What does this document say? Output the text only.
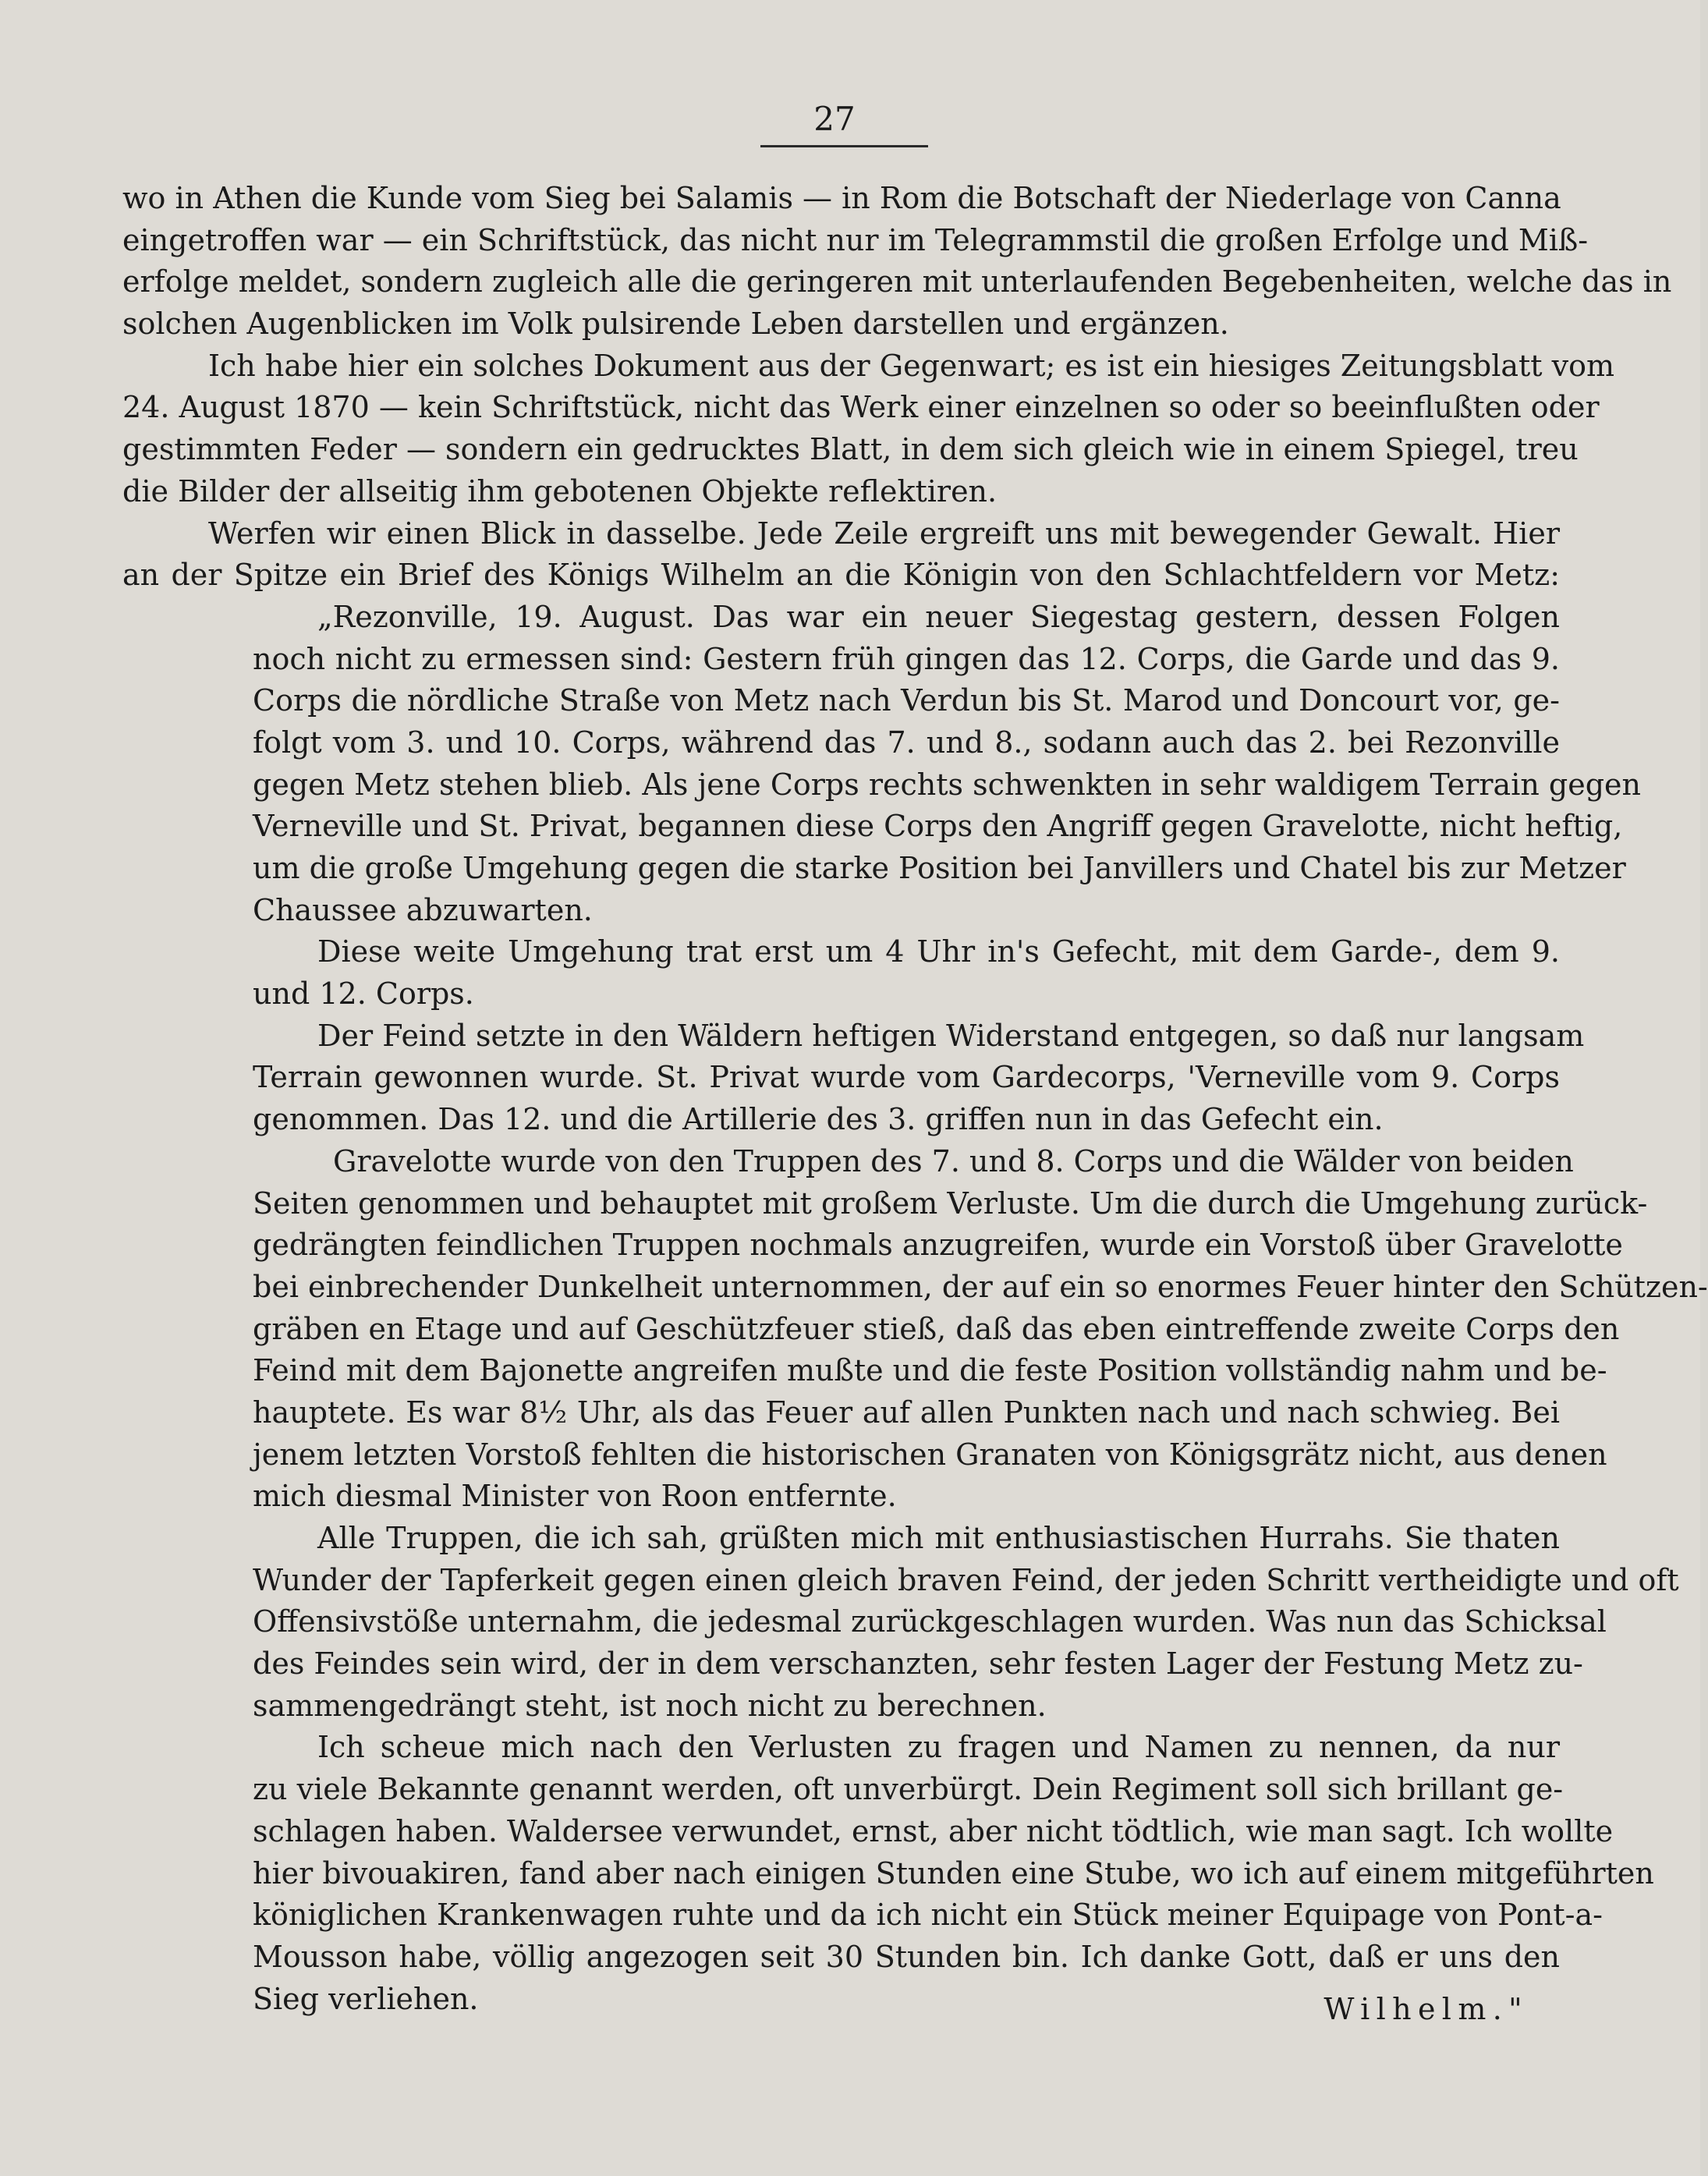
27
wo in Athen die Kunde vom Sieg bei Salamis — in Rom die Botschaft der Niederlage von Canna
eingetroffen war — ein Schriftstück, das nicht nur im Telegrammstil die großen Erfolge und Miß-
erfolge meldet, sondern zugleich alle die geringeren mit unterlaufenden Begebenheiten, welche das in
solchen Augenblicken im Volk pulsirende Leben darstellen und ergänzen.
Ich habe hier ein solches Dokument aus der Gegenwart; es ist ein hiesiges Zeitungsblatt vom
24. August 1870 — kein Schriftstück, nicht das Werk einer einzelnen so oder so beeinflußten oder
gestimmten Feder — sondern ein gedrucktes Blatt, in dem sich gleich wie in einem Spiegel, treu
die Bilder der allseitig ihm gebotenen Objekte reflektiren.
Werfen wir einen Blick in dasselbe. Jede Zeile ergreift uns mit bewegender Gewalt. Hier
an der Spitze ein Brief des Königs Wilhelm an die Königin von den Schlachtfeldern vor Metz:
„Rezonville, 19. August. Das war ein neuer Siegestag gestern, dessen Folgen
noch nicht zu ermessen sind: Gestern früh gingen das 12. Corps, die Garde und das 9.
Corps die nördliche Straße von Metz nach Verdun bis St. Marod und Doncourt vor, ge-
folgt vom 3. und 10. Corps, während das 7. und 8., sodann auch das 2. bei Rezonville
gegen Metz stehen blieb. Als jene Corps rechts schwenkten in sehr waldigem Terrain gegen
Verneville und St. Privat, begannen diese Corps den Angriff gegen Gravelotte, nicht heftig,
um die große Umgehung gegen die starke Position bei Janvillers und Chatel bis zur Metzer
Chaussee abzuwarten.
Diese weite Umgehung trat erst um 4 Uhr in's Gefecht, mit dem Garde-, dem 9.
und 12. Corps.
Der Feind setzte in den Wäldern heftigen Widerstand entgegen, so daß nur langsam
Terrain gewonnen wurde. St. Privat wurde vom Gardecorps, 'Verneville vom 9. Corps
genommen. Das 12. und die Artillerie des 3. griffen nun in das Gefecht ein.
Gravelotte wurde von den Truppen des 7. und 8. Corps und die Wälder von beiden
Seiten genommen und behauptet mit großem Verluste. Um die durch die Umgehung zurück-
gedrängten feindlichen Truppen nochmals anzugreifen, wurde ein Vorstoß über Gravelotte
bei einbrechender Dunkelheit unternommen, der auf ein so enormes Feuer hinter den Schützen-
gräben en Etage und auf Geschützfeuer stieß, daß das eben eintreffende zweite Corps den
Feind mit dem Bajonette angreifen mußte und die feste Position vollständig nahm und be-
hauptete. Es war 8½ Uhr, als das Feuer auf allen Punkten nach und nach schwieg. Bei
jenem letzten Vorstoß fehlten die historischen Granaten von Königsgrätz nicht, aus denen
mich diesmal Minister von Roon entfernte.
Alle Truppen, die ich sah, grüßten mich mit enthusiastischen Hurrahs. Sie thaten
Wunder der Tapferkeit gegen einen gleich braven Feind, der jeden Schritt vertheidigte und oft
Offensivstöße unternahm, die jedesmal zurückgeschlagen wurden. Was nun das Schicksal
des Feindes sein wird, der in dem verschanzten, sehr festen Lager der Festung Metz zu-
sammengedrängt steht, ist noch nicht zu berechnen.
Ich scheue mich nach den Verlusten zu fragen und Namen zu nennen, da nur
zu viele Bekannte genannt werden, oft unverbürgt. Dein Regiment soll sich brillant ge-
schlagen haben. Waldersee verwundet, ernst, aber nicht tödtlich, wie man sagt. Ich wollte
hier bivouakiren, fand aber nach einigen Stunden eine Stube, wo ich auf einem mitgeführten
königlichen Krankenwagen ruhte und da ich nicht ein Stück meiner Equipage von Pont-a-
Mousson habe, völlig angezogen seit 30 Stunden bin. Ich danke Gott, daß er uns den
Sieg verliehen.	Wilhelm."
